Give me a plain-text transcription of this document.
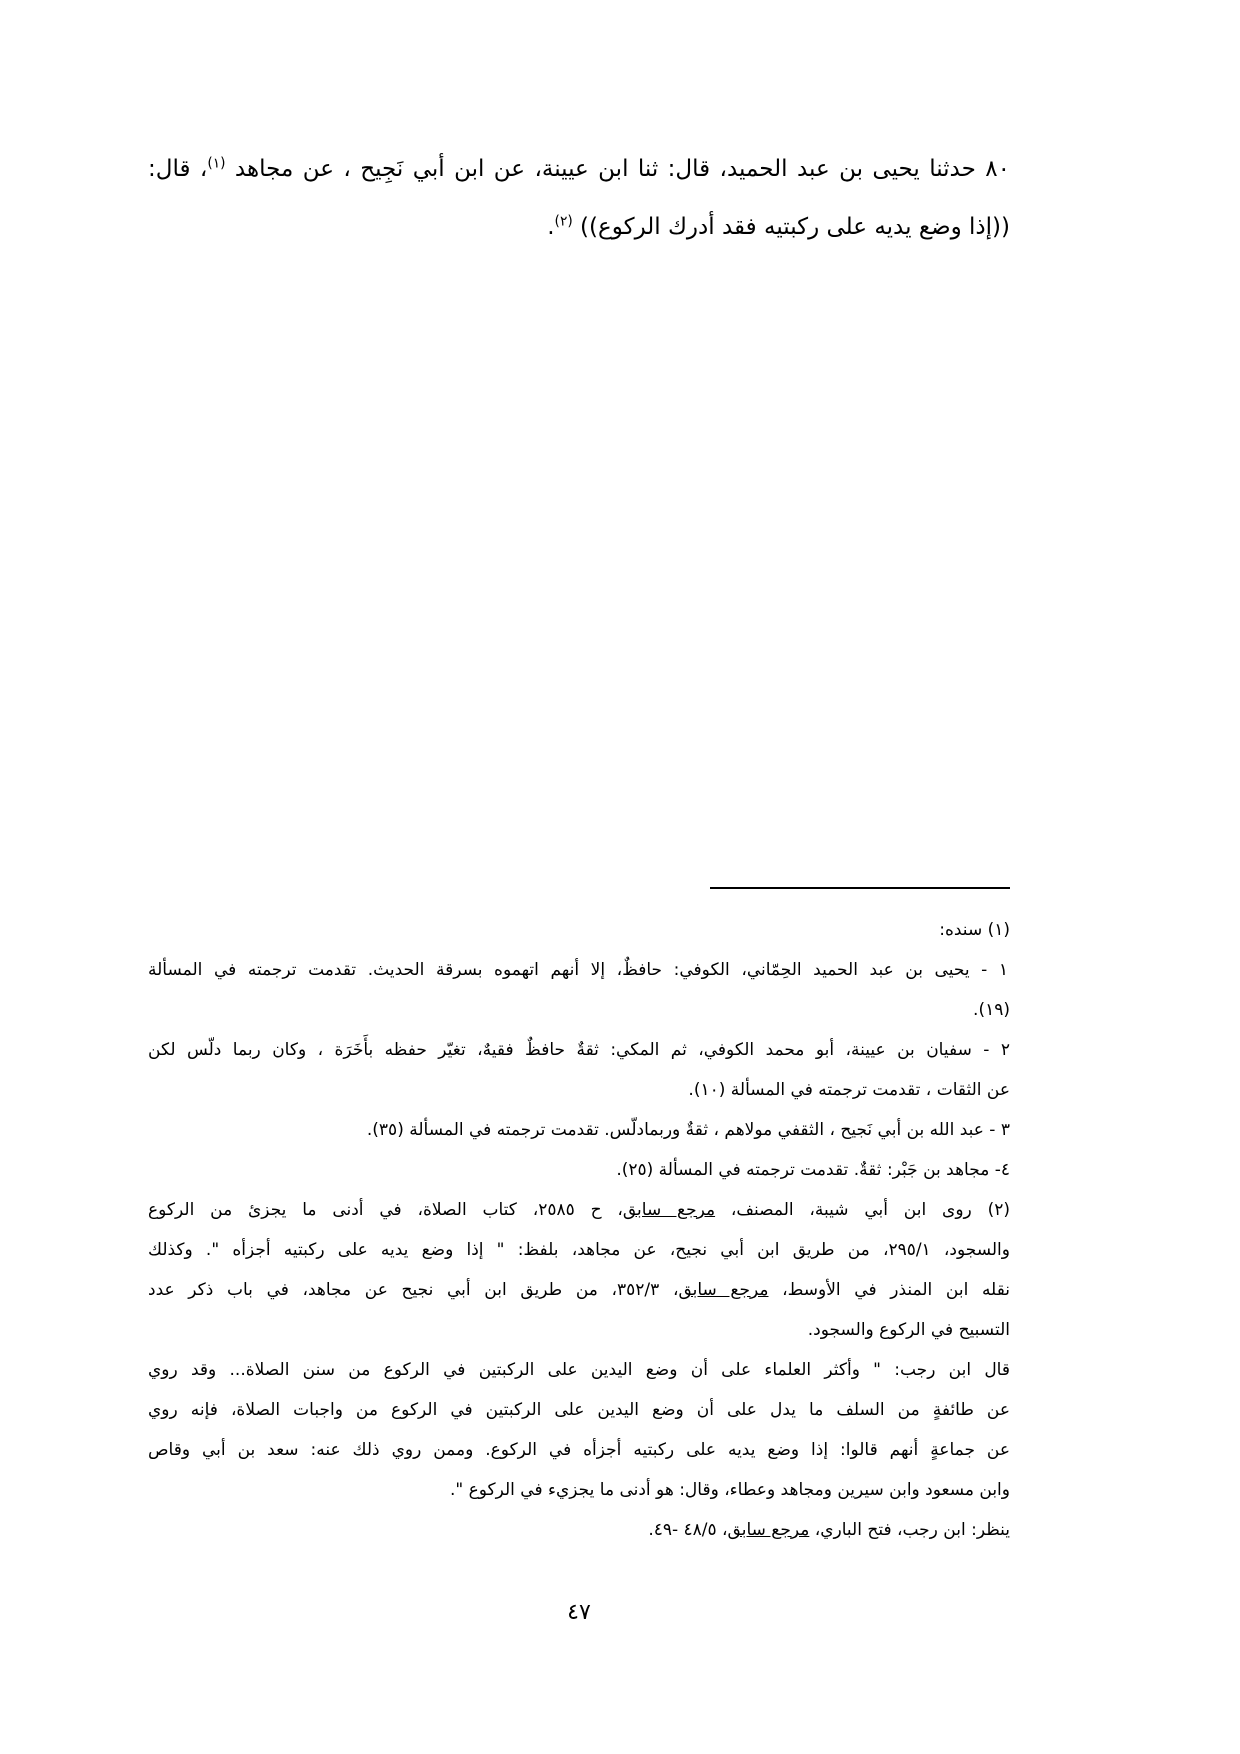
٨٠ حدثنا يحيى بن عبد الحميد، قال: ثنا ابن عيينة، عن ابن أبي نَجِيح ، عن مجاهد $^{(١)}$، قال:
((إذا وضع يديه على ركبتيه فقد أدرك الركوع)) $^{(٢)}$.
(١) سنده:
١ - يحيى بن عبد الحميد الحِمّاني، الكوفي: حافظٌ، إلا أنهم اتهموه بسرقة الحديث. تقدمت ترجمته في المسألة
(١٩).
٢ - سفيان بن عيينة، أبو محمد الكوفي، ثم المكي: ثقةٌ حافظٌ فقيهٌ، تغيّر حفظه بأَخَرَة ، وكان ربما دلّس لكن
عن الثقات ، تقدمت ترجمته في المسألة (١٠).
٣ - عبد الله بن أبي نَجيح ، الثقفي مولاهم ، ثقةٌ وربمادلّس. تقدمت ترجمته في المسألة (٣٥).
٤- مجاهد بن جَبْر: ثقةٌ. تقدمت ترجمته في المسألة (٢٥).
(٢) روى ابن أبي شيبة، المصنف، مرجع سابق، ح ٢٥٨٥، كتاب الصلاة، في أدنى ما يجزئ من الركوع
والسجود، ٢٩٥/١، من طريق ابن أبي نجيح، عن مجاهد، بلفظ: " إذا وضع يديه على ركبتيه أجزأه ". وكذلك
نقله ابن المنذر في الأوسط، مرجع سابق، ٣٥٢/٣، من طريق ابن أبي نجيح عن مجاهد، في باب ذكر عدد
التسبيح في الركوع والسجود.
قال ابن رجب: " وأكثر العلماء على أن وضع اليدين على الركبتين في الركوع من سنن الصلاة... وقد روي
عن طائفةٍ من السلف ما يدل على أن وضع اليدين على الركبتين في الركوع من واجبات الصلاة، فإنه روي
عن جماعةٍ أنهم قالوا: إذا وضع يديه على ركبتيه أجزأه في الركوع. وممن روي ذلك عنه: سعد بن أبي وقاص
وابن مسعود وابن سيرين ومجاهد وعطاء، وقال: هو أدنى ما يجزيء في الركوع ".
ينظر: ابن رجب، فتح الباري، مرجع سابق، ٤٨/٥ -٤٩.
٤٧
